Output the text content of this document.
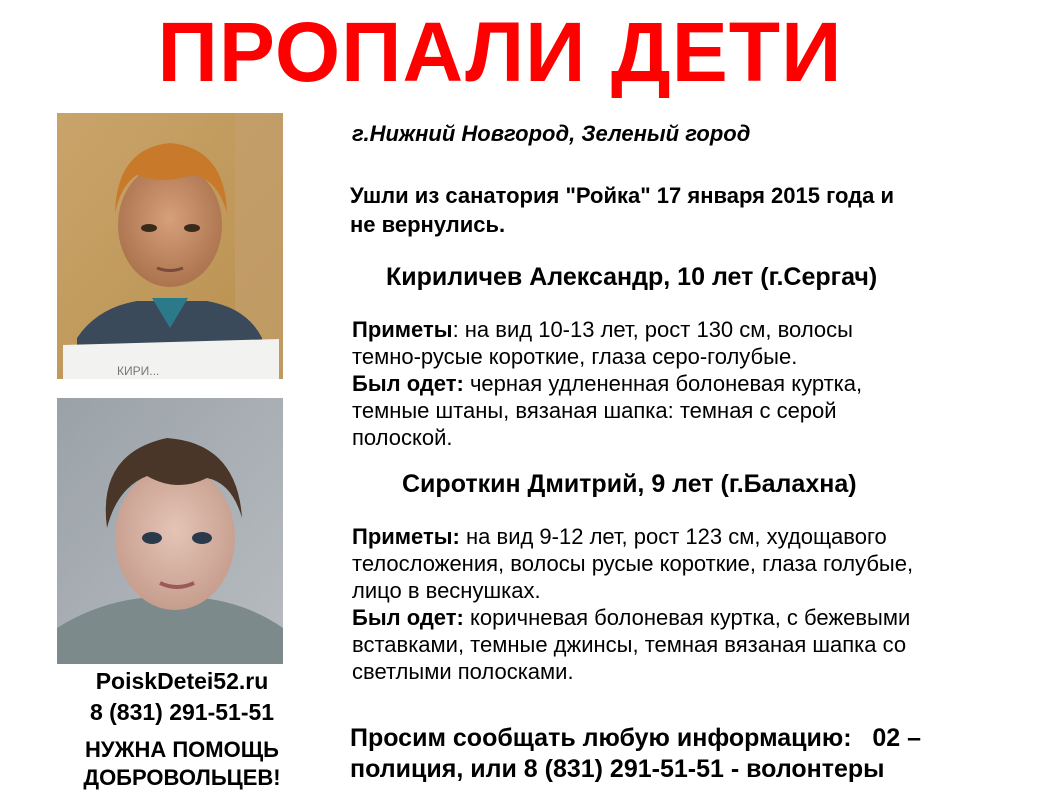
ПРОПАЛИ ДЕТИ
КИРИ...
г.Нижний Новгород, Зеленый город
Ушли из санатория "Ройка" 17 января 2015 года и
не вернулись.
Кириличев Александр, 10 лет (г.Сергач)
Приметы: на вид 10-13 лет, рост 130 см, волосы
темно-русые короткие, глаза серо-голубые.
Был одет: черная удлененная болоневая куртка,
темные штаны, вязаная шапка: темная с серой
полоской.
Сироткин Дмитрий, 9 лет (г.Балахна)
Приметы: на вид 9-12 лет, рост 123 см, худощавого
телосложения, волосы русые короткие, глаза голубые,
лицо в веснушках.
Был одет: коричневая болоневая куртка, с бежевыми
вставками, темные джинсы, темная вязаная шапка со
светлыми полосками.
PoiskDetei52.ru
8 (831) 291-51-51
НУЖНА ПОМОЩЬ
ДОБРОВОЛЬЦЕВ!
Просим сообщать любую информацию:   02 –
полиция, или 8 (831) 291-51-51 - волонтеры
